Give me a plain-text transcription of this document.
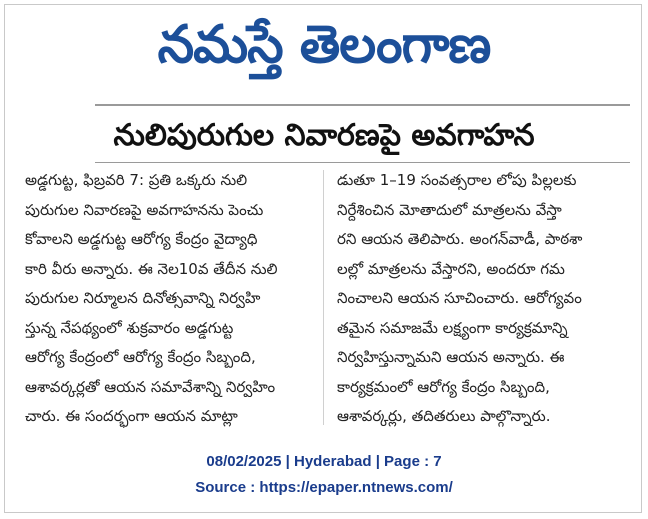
నమస్తే తెలంగాణ
నులిపురుగుల నివారణపై అవగాహన
అడ్డగుట్ట, ఫిబ్రవరి 7: ప్రతి ఒక్కరు నులి
పురుగుల నివారణపై అవగాహనను పెంచు
కోవాలని అడ్డగుట్ట ఆరోగ్య కేంద్రం వైద్యాధి
కారి వీరు అన్నారు. ఈ నెల10వ తేదీన నులి
పురుగుల నిర్మూలన దినోత్సవాన్ని నిర్వహి
స్తున్న నేపథ్యంలో శుక్రవారం అడ్డగుట్ట
ఆరోగ్య కేంద్రంలో ఆరోగ్య కేంద్రం సిబ్బంది,
ఆశావర్కర్లతో ఆయన సమావేశాన్ని నిర్వహిం
చారు. ఈ సందర్భంగా ఆయన మాట్లా
డుతూ 1–19 సంవత్సరాల లోపు పిల్లలకు
నిర్దేశించిన మోతాదులో మాత్రలను వేస్తా
రని ఆయన తెలిపారు. అంగన్‌వాడీ, పాఠశా
లల్లో మాత్రలను వేస్తారని, అందరూ గమ
నించాలని ఆయన సూచించారు. ఆరోగ్యవం
తమైన సమాజమే లక్ష్యంగా కార్యక్రమాన్ని
నిర్వహిస్తున్నామని ఆయన అన్నారు. ఈ
కార్యక్రమంలో ఆరోగ్య కేంద్రం సిబ్బంది,
ఆశావర్కర్లు, తదితరులు పాల్గొన్నారు.
08/02/2025 | Hyderabad | Page : 7
Source : https://epaper.ntnews.com/
